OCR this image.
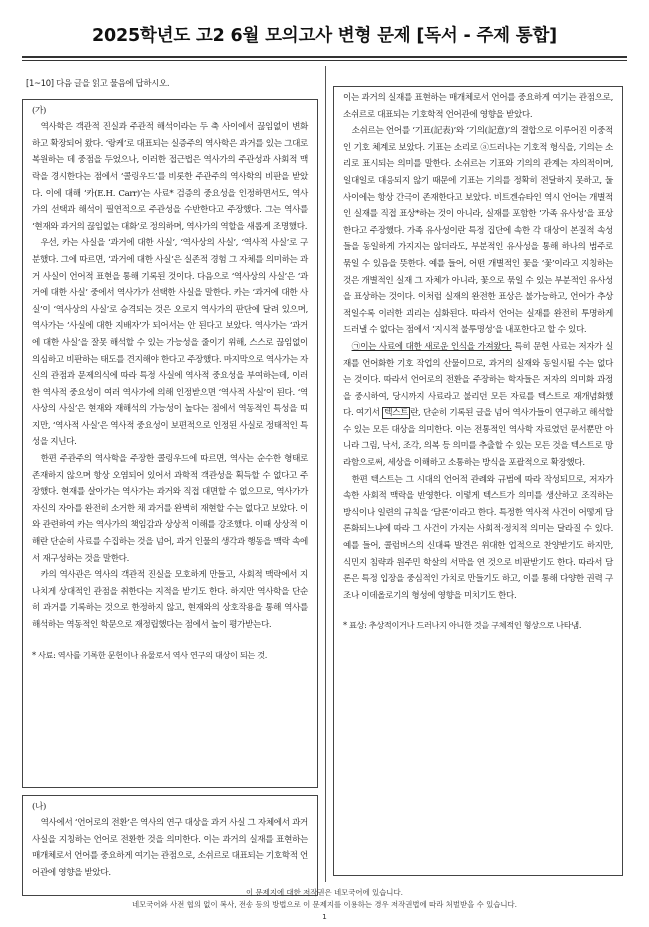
2025학년도 고2 6월 모의고사 변형 문제 [독서 - 주제 통합]
[1~10] 다음 글을 읽고 물음에 답하시오.
(가)

역사학은 객관적 진실과 주관적 해석이라는 두 축 사이에서 끊임없이 변화하고 확장되어 왔다. ‘랑케’로 대표되는 실증주의 역사학은 과거를 있는 그대로 복원하는 데 중점을 두었으나, 이러한 접근법은 역사가의 주관성과 사회적 맥락을 경시한다는 점에서 ‘콜링우드’를 비롯한 주관주의 역사학의 비판을 받았다. 이에 대해 ‘카(E.H. Carr)’는 사료* 검증의 중요성을 인정하면서도, 역사가의 선택과 해석이 필연적으로 주관성을 수반한다고 주장했다. 그는 역사를 ‘현재와 과거의 끊임없는 대화’로 정의하며, 역사가의 역할을 새롭게 조명했다.

우선, 카는 사실을 ‘과거에 대한 사실’, ‘역사상의 사실’, ‘역사적 사실’로 구분했다. 그에 따르면, ‘과거에 대한 사실’은 실존적 경험 그 자체를 의미하는 과거 사실이 언어적 표현을 통해 기록된 것이다. 다음으로 ‘역사상의 사실’은 ‘과거에 대한 사실’ 중에서 역사가가 선택한 사실을 말한다. 카는 ‘과거에 대한 사실’이 ‘역사상의 사실’로 승격되는 것은 오로지 역사가의 판단에 달려 있으며, 역사가는 ‘사실에 대한 지배자’가 되어서는 안 된다고 보았다. 역사가는 ‘과거에 대한 사실’을 잘못 해석할 수 있는 가능성을 줄이기 위해, 스스로 끊임없이 의심하고 비판하는 태도를 견지해야 한다고 주장했다. 마지막으로 역사가는 자신의 관점과 문제의식에 따라 특정 사실에 역사적 중요성을 부여하는데, 이러한 역사적 중요성이 여러 역사가에 의해 인정받으면 ‘역사적 사실’이 된다. ‘역사상의 사실’은 현재와 재해석의 가능성이 높다는 점에서 역동적인 특성을 띠지만, ‘역사적 사실’은 역사적 중요성이 보편적으로 인정된 사실로 정태적인 특성을 지닌다.

한편 주관주의 역사학을 주장한 콜링우드에 따르면, 역사는 순수한 형태로 존재하지 않으며 항상 오염되어 있어서 과학적 객관성을 획득할 수 없다고 주장했다. 현재를 살아가는 역사가는 과거와 직접 대면할 수 없으므로, 역사가가 자신의 자아를 완전히 소거한 채 과거를 완벽히 재현할 수는 없다고 보았다. 이와 관련하여 카는 역사가의 책임감과 상상적 이해를 강조했다. 이때 상상적 이해란 단순히 사료를 수집하는 것을 넘어, 과거 인물의 생각과 행동을 맥락 속에서 재구성하는 것을 말한다.

카의 역사관은 역사의 객관적 진실을 모호하게 만들고, 사회적 맥락에서 지나치게 상대적인 관점을 취한다는 지적을 받기도 한다. 하지만 역사학을 단순히 과거를 기록하는 것으로 한정하지 않고, 현재와의 상호작용을 통해 역사를 해석하는 역동적인 학문으로 재정립했다는 점에서 높이 평가받는다.

* 사료: 역사를 기록한 문헌이나 유물로서 역사 연구의 대상이 되는 것.

(나)

역사에서 ‘언어로의 전환’은 역사의 연구 대상을 과거 사실 그 자체에서 과거 사실을 지칭하는 언어로 전환한 것을 의미한다. 이는 과거의 실재를 표현하는 매개체로서 언어를 중요하게 여기는 관점으로, 소쉬르로 대표되는 기호학적 언어관에 영향을 받았다.

이는 과거의 실재를 표현하는 매개체로서 언어를 중요하게 여기는 관점으로, 소쉬르로 대표되는 기호학적 언어관에 영향을 받았다.

소쉬르는 언어를 ‘기표(記表)’와 ‘기의(記意)’의 결합으로 이루어진 이중적인 기호 체계로 보았다. 기표는 소리로 ⓐ드러나는 기호적 형식을, 기의는 소리로 표시되는 의미를 말한다. 소쉬르는 기표와 기의의 관계는 자의적이며, 일대일로 대응되지 않기 때문에 기표는 기의를 정확히 전달하지 못하고, 둘 사이에는 항상 간극이 존재한다고 보았다. 비트겐슈타인 역시 언어는 개별적인 실재를 직접 표상*하는 것이 아니라, 실재를 포함한 ‘가족 유사성’을 표상한다고 주장했다. 가족 유사성이란 특정 집단에 속한 각 대상이 본질적 속성들을 동일하게 가지지는 않더라도, 부분적인 유사성을 통해 하나의 범주로 묶일 수 있음을 뜻한다. 예를 들어, 어떤 개별적인 꽃을 ‘꽃’이라고 지칭하는 것은 개별적인 실재 그 자체가 아니라, 꽃으로 묶일 수 있는 부분적인 유사성을 표상하는 것이다. 이처럼 실재의 완전한 표상은 불가능하고, 언어가 추상적일수록 이러한 괴리는 심화된다. 따라서 언어는 실재를 완전히 투명하게 드러낼 수 없다는 점에서 ‘지시적 불투명성’을 내포한다고 할 수 있다.

㉠이는 사료에 대한 새로운 인식을 가져왔다. 특히 문헌 사료는 저자가 실재를 언어화한 기호 작업의 산물이므로, 과거의 실재와 동일시될 수는 없다는 것이다. 따라서 언어로의 전환을 주장하는 학자들은 저자의 의미화 과정을 중시하여, 당시까지 사료라고 불리던 모든 자료를 텍스트로 재개념화했다. 여기서 텍스트 란, 단순히 기록된 글을 넘어 역사가들이 연구하고 해석할 수 있는 모든 대상을 의미한다. 이는 전통적인 역사학 자료였던 문서뿐만 아니라 그림, 낙서, 조각, 의복 등 의미를 추출할 수 있는 모든 것을 텍스트로 망라함으로써, 세상을 이해하고 소통하는 방식을 포괄적으로 확장했다.

한편 텍스트는 그 시대의 언어적 관례와 규범에 따라 작성되므로, 저자가 속한 사회적 맥락을 반영한다. 이렇게 텍스트가 의미를 생산하고 조직하는 방식이나 일련의 규칙을 ‘담론’이라고 한다. 특정한 역사적 사건이 어떻게 담론화되느냐에 따라 그 사건이 가지는 사회적·정치적 의미는 달라질 수 있다. 예를 들어, 콜럼버스의 신대륙 발견은 위대한 업적으로 찬양받기도 하지만, 식민지 침략과 원주민 학살의 서막을 연 것으로 비판받기도 한다. 따라서 담론은 특정 입장을 중심적인 가치로 만들기도 하고, 이를 통해 다양한 권력 구조나 이데올로기의 형성에 영향을 미치기도 한다.

* 표상: 추상적이거나 드러나지 아니한 것을 구체적인 형상으로 나타냄.

이 문제지에 대한 저작권은 네모국어에 있습니다.
네모국어와 사전 협의 없이 복사, 전송 등의 방법으로 이 문제지를 이용하는 경우 저작권법에 따라 처벌받을 수 있습니다.
1
